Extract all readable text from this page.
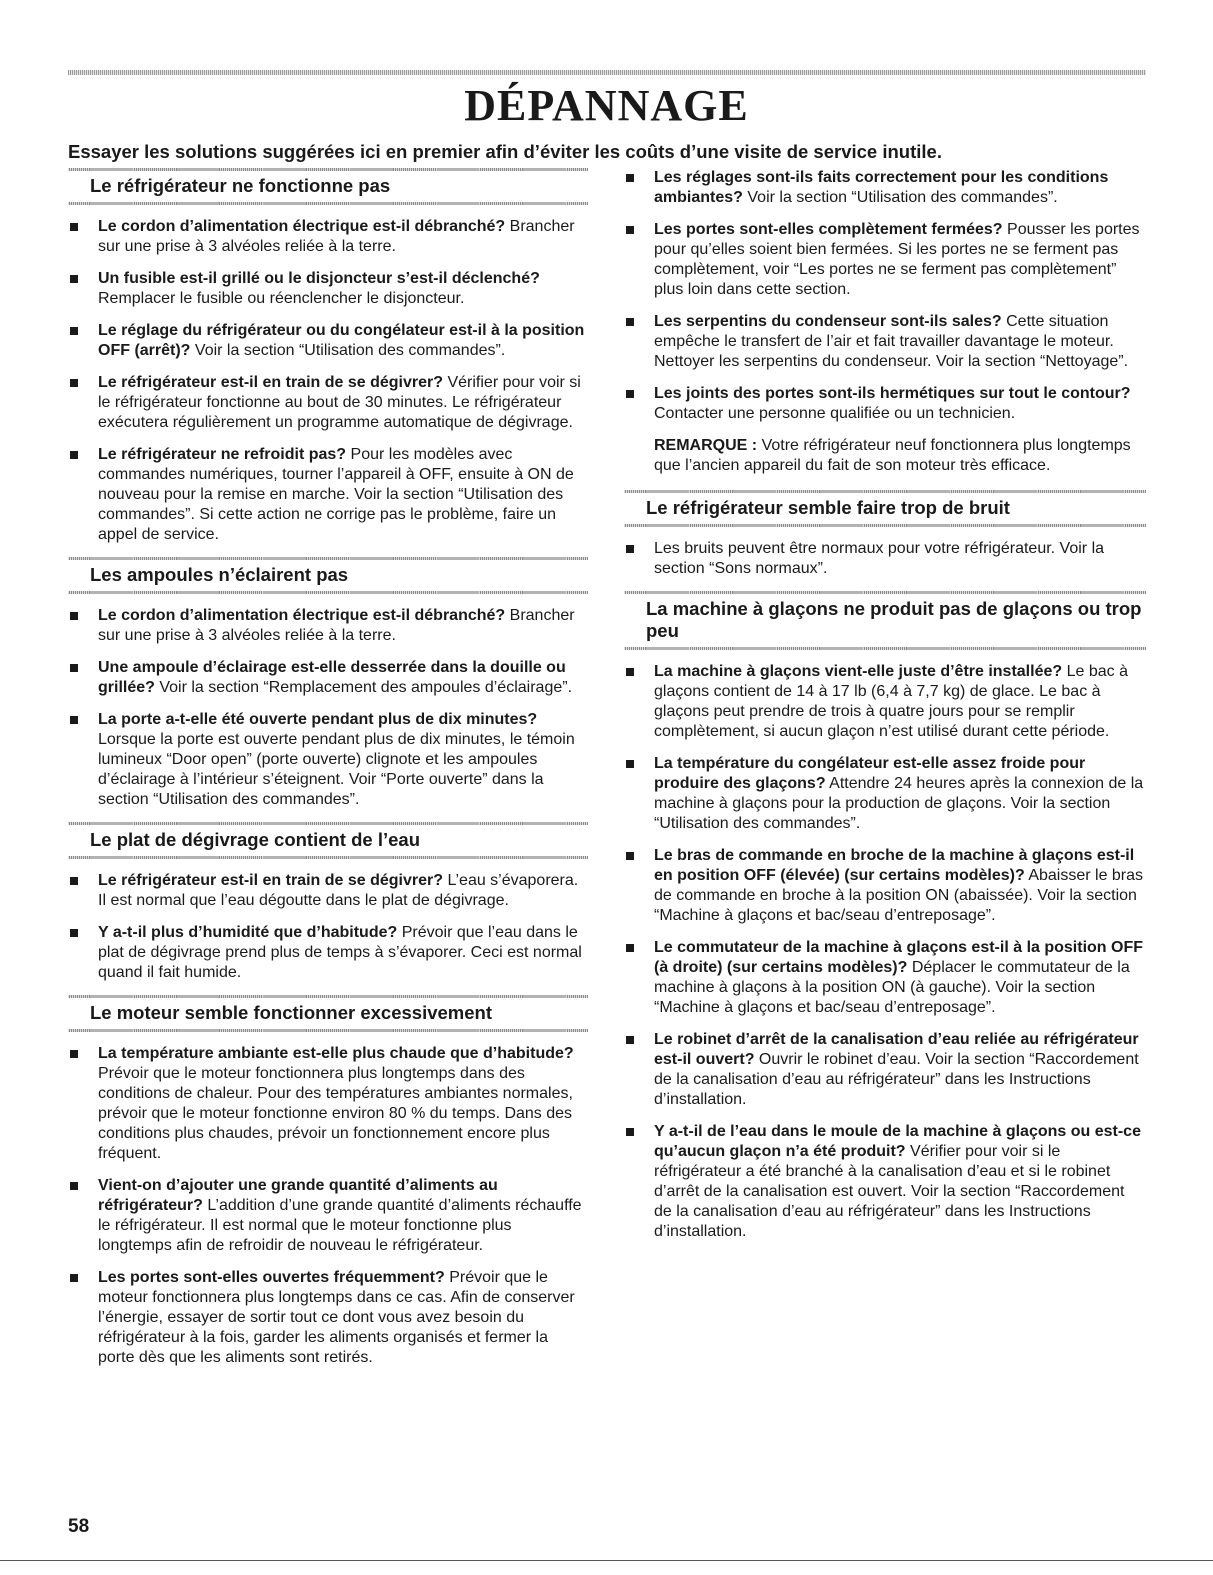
DÉPANNAGE
Essayer les solutions suggérées ici en premier afin d’éviter les coûts d’une visite de service inutile.
Le réfrigérateur ne fonctionne pas
Le cordon d’alimentation électrique est-il débranché? Brancher sur une prise à 3 alvéoles reliée à la terre.
Un fusible est-il grillé ou le disjoncteur s’est-il déclenché? Remplacer le fusible ou réenclencher le disjoncteur.
Le réglage du réfrigérateur ou du congélateur est-il à la position OFF (arrêt)? Voir la section “Utilisation des commandes”.
Le réfrigérateur est-il en train de se dégivrer? Vérifier pour voir si le réfrigérateur fonctionne au bout de 30 minutes. Le réfrigérateur exécutera régulièrement un programme automatique de dégivrage.
Le réfrigérateur ne refroidit pas? Pour les modèles avec commandes numériques, tourner l’appareil à OFF, ensuite à ON de nouveau pour la remise en marche. Voir la section “Utilisation des commandes”. Si cette action ne corrige pas le problème, faire un appel de service.
Les ampoules n’éclairent pas
Le cordon d’alimentation électrique est-il débranché? Brancher sur une prise à 3 alvéoles reliée à la terre.
Une ampoule d’éclairage est-elle desserrée dans la douille ou grillée? Voir la section “Remplacement des ampoules d’éclairage”.
La porte a-t-elle été ouverte pendant plus de dix minutes? Lorsque la porte est ouverte pendant plus de dix minutes, le témoin lumineux “Door open” (porte ouverte) clignote et les ampoules d’éclairage à l’intérieur s’éteignent. Voir “Porte ouverte” dans la section “Utilisation des commandes”.
Le plat de dégivrage contient de l’eau
Le réfrigérateur est-il en train de se dégivrer? L’eau s’évaporera. Il est normal que l’eau dégoutte dans le plat de dégivrage.
Y a-t-il plus d’humidité que d’habitude? Prévoir que l’eau dans le plat de dégivrage prend plus de temps à s’évaporer. Ceci est normal quand il fait humide.
Le moteur semble fonctionner excessivement
La température ambiante est-elle plus chaude que d’habitude? Prévoir que le moteur fonctionnera plus longtemps dans des conditions de chaleur. Pour des températures ambiantes normales, prévoir que le moteur fonctionne environ 80 % du temps. Dans des conditions plus chaudes, prévoir un fonctionnement encore plus fréquent.
Vient-on d’ajouter une grande quantité d’aliments au réfrigérateur? L’addition d’une grande quantité d’aliments réchauffe le réfrigérateur. Il est normal que le moteur fonctionne plus longtemps afin de refroidir de nouveau le réfrigérateur.
Les portes sont-elles ouvertes fréquemment? Prévoir que le moteur fonctionnera plus longtemps dans ce cas. Afin de conserver l’énergie, essayer de sortir tout ce dont vous avez besoin du réfrigérateur à la fois, garder les aliments organisés et fermer la porte dès que les aliments sont retirés.
Les réglages sont-ils faits correctement pour les conditions ambiantes? Voir la section “Utilisation des commandes”.
Les portes sont-elles complètement fermées? Pousser les portes pour qu’elles soient bien fermées. Si les portes ne se ferment pas complètement, voir “Les portes ne se ferment pas complètement” plus loin dans cette section.
Les serpentins du condenseur sont-ils sales? Cette situation empêche le transfert de l’air et fait travailler davantage le moteur. Nettoyer les serpentins du condenseur. Voir la section “Nettoyage”.
Les joints des portes sont-ils hermétiques sur tout le contour? Contacter une personne qualifiée ou un technicien.

REMARQUE : Votre réfrigérateur neuf fonctionnera plus longtemps que l’ancien appareil du fait de son moteur très efficace.

Le réfrigérateur semble faire trop de bruit
Les bruits peuvent être normaux pour votre réfrigérateur. Voir la section “Sons normaux”.
La machine à glaçons ne produit pas de glaçons ou trop peu
La machine à glaçons vient-elle juste d’être installée? Le bac à glaçons contient de 14 à 17 lb (6,4 à 7,7 kg) de glace. Le bac à glaçons peut prendre de trois à quatre jours pour se remplir complètement, si aucun glaçon n’est utilisé durant cette période.
La température du congélateur est-elle assez froide pour produire des glaçons? Attendre 24 heures après la connexion de la machine à glaçons pour la production de glaçons. Voir la section “Utilisation des commandes”.
Le bras de commande en broche de la machine à glaçons est-il en position OFF (élevée) (sur certains modèles)? Abaisser le bras de commande en broche à la position ON (abaissée). Voir la section “Machine à glaçons et bac/seau d’entreposage”.
Le commutateur de la machine à glaçons est-il à la position OFF (à droite) (sur certains modèles)? Déplacer le commutateur de la machine à glaçons à la position ON (à gauche). Voir la section “Machine à glaçons et bac/seau d’entreposage”.
Le robinet d’arrêt de la canalisation d’eau reliée au réfrigérateur est-il ouvert? Ouvrir le robinet d’eau. Voir la section “Raccordement de la canalisation d’eau au réfrigérateur” dans les Instructions d’installation.
Y a-t-il de l’eau dans le moule de la machine à glaçons ou est-ce qu’aucun glaçon n’a été produit? Vérifier pour voir si le réfrigérateur a été branché à la canalisation d’eau et si le robinet d’arrêt de la canalisation est ouvert. Voir la section “Raccordement de la canalisation d’eau au réfrigérateur” dans les Instructions d’installation.
58
